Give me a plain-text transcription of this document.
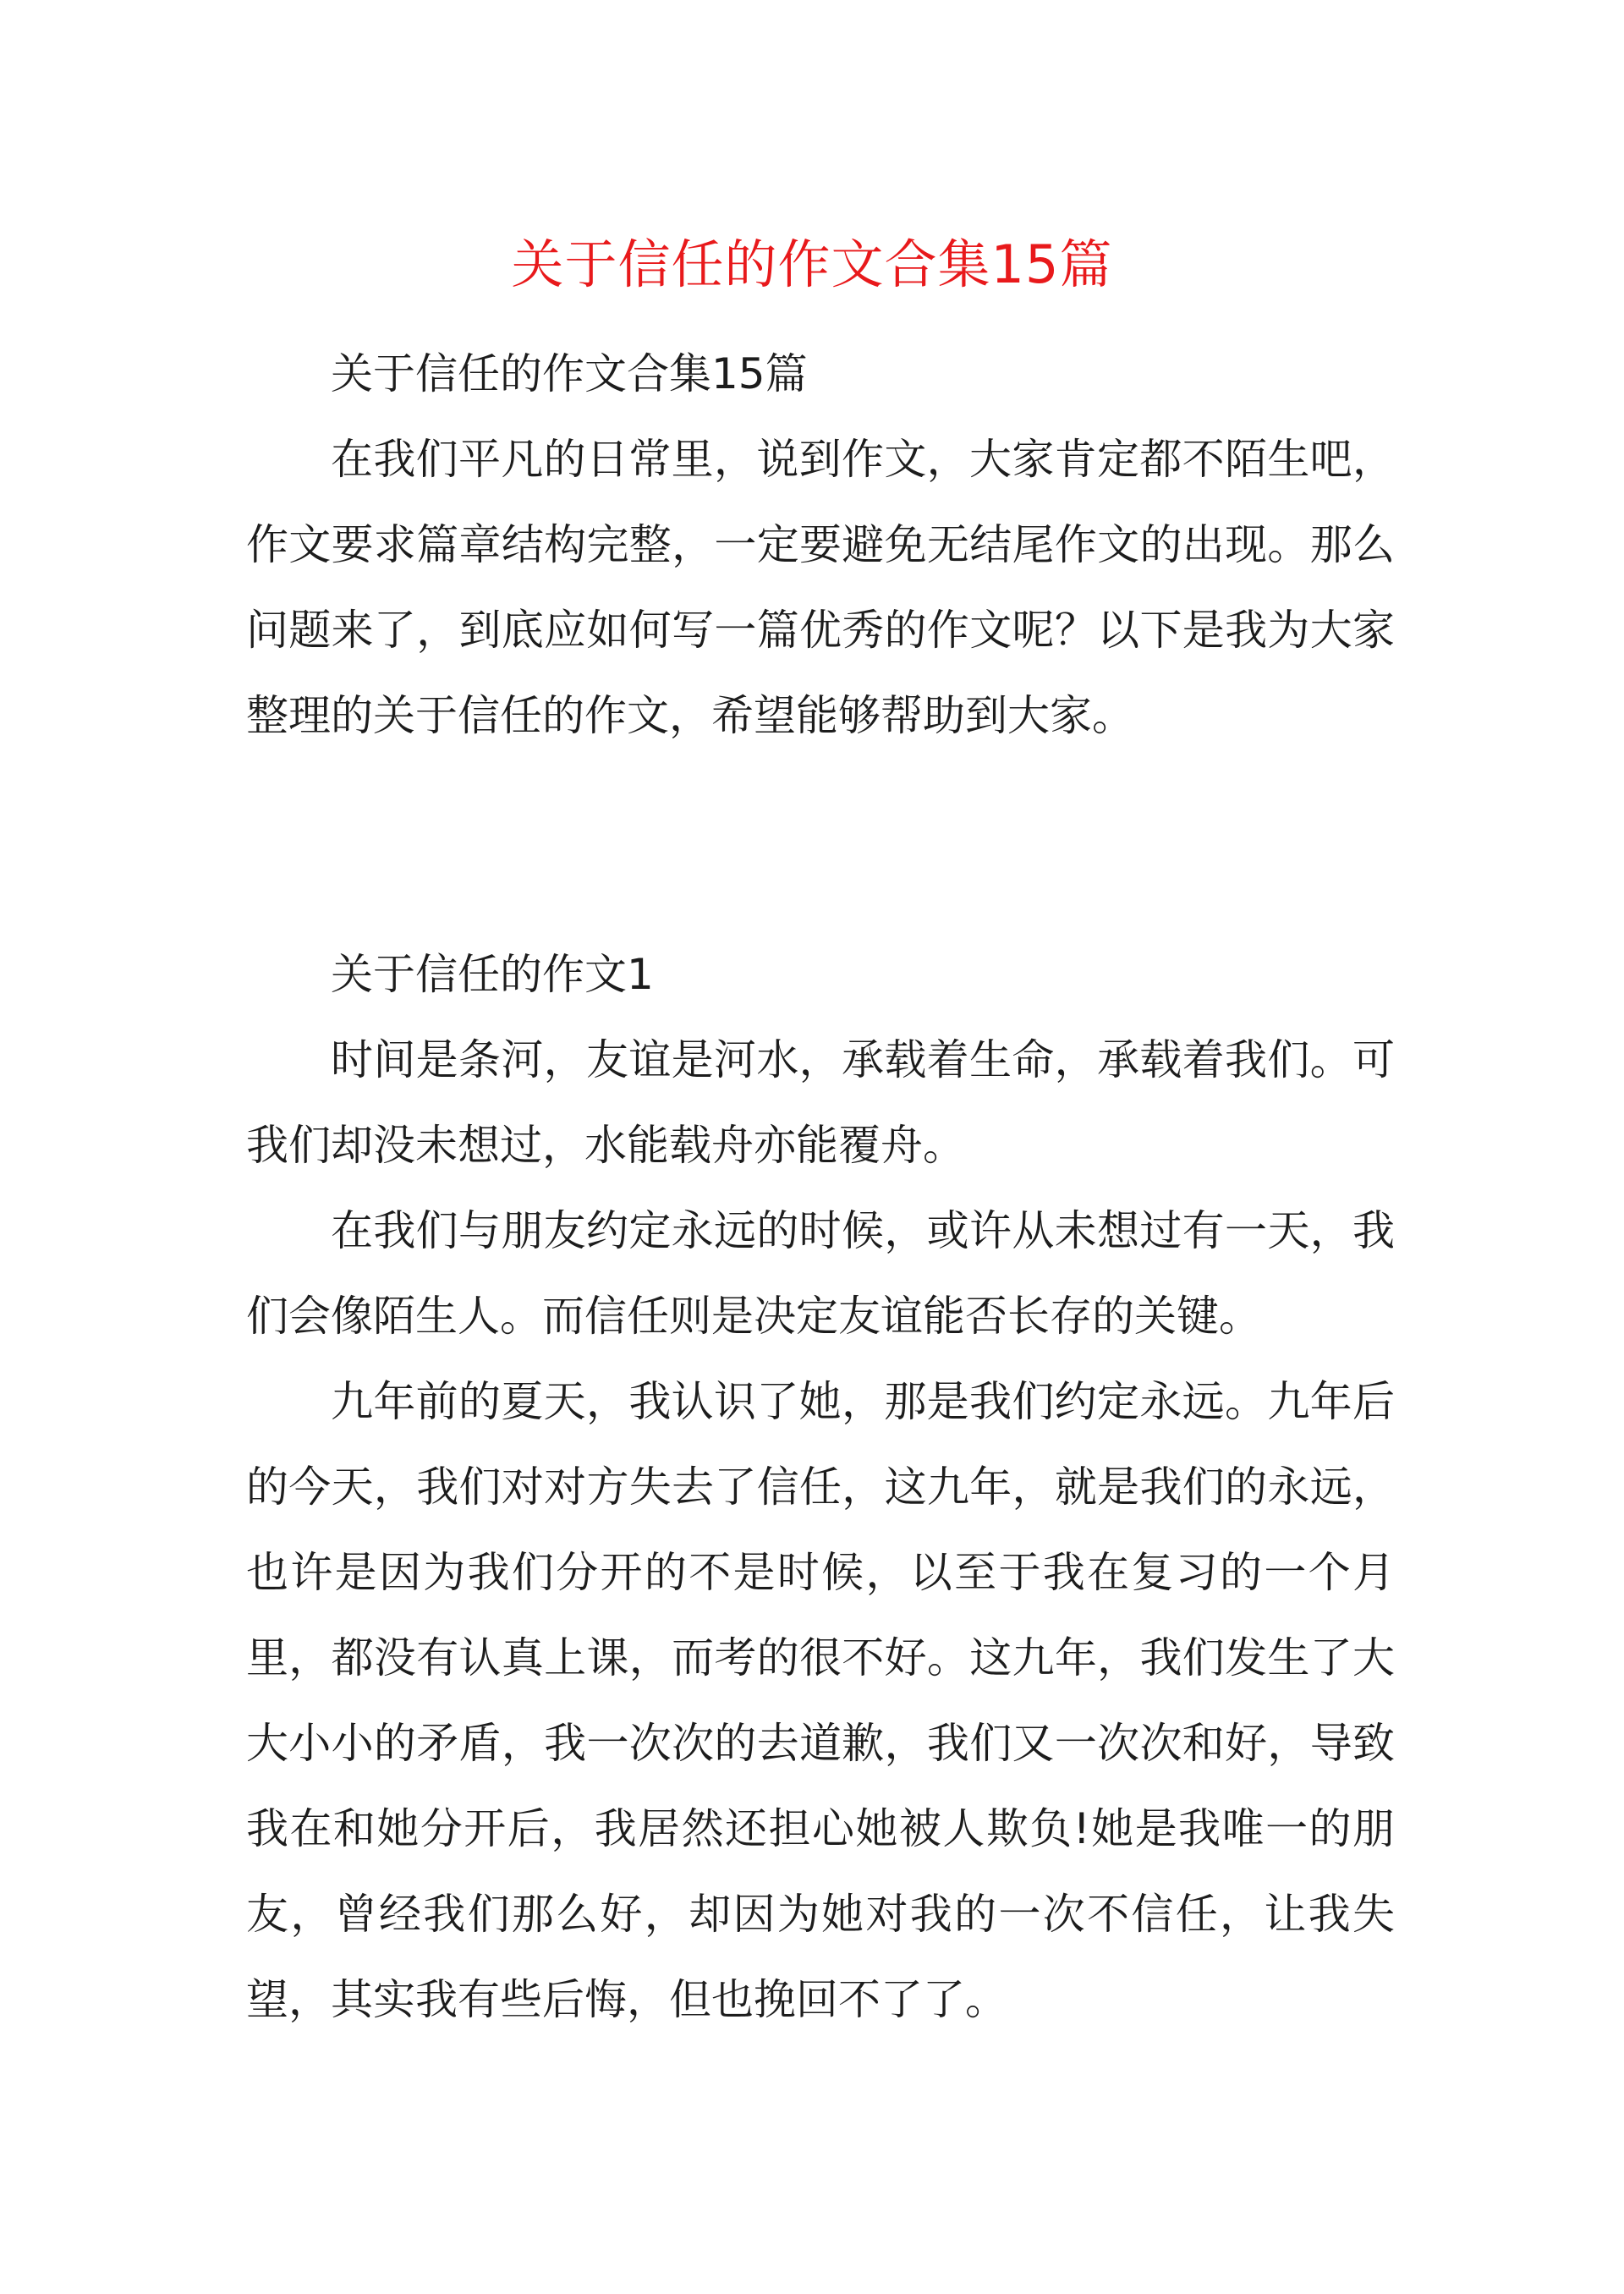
关于信任的作文合集15篇

关于信任的作文合集15篇

在我们平凡的日常里，说到作文，大家肯定都不陌生吧，作文要求篇章结构完整，一定要避免无结尾作文的出现。那么问题来了，到底应如何写一篇优秀的作文呢？以下是我为大家整理的关于信任的作文，希望能够帮助到大家。

关于信任的作文1

时间是条河，友谊是河水，承载着生命，承载着我们。可我们却没未想过，水能载舟亦能覆舟。

在我们与朋友约定永远的时候，或许从未想过有一天，我们会像陌生人。而信任则是决定友谊能否长存的关键。

九年前的夏天，我认识了她，那是我们约定永远。九年后的今天，我们对对方失去了信任，这九年，就是我们的永远，也许是因为我们分开的不是时候，以至于我在复习的一个月里，都没有认真上课，而考的很不好。这九年，我们发生了大大小小的矛盾，我一次次的去道歉，我们又一次次和好，导致我在和她分开后，我居然还担心她被人欺负!她是我唯一的朋友，曾经我们那么好，却因为她对我的一次不信任，让我失望，其实我有些后悔，但也挽回不了了。
